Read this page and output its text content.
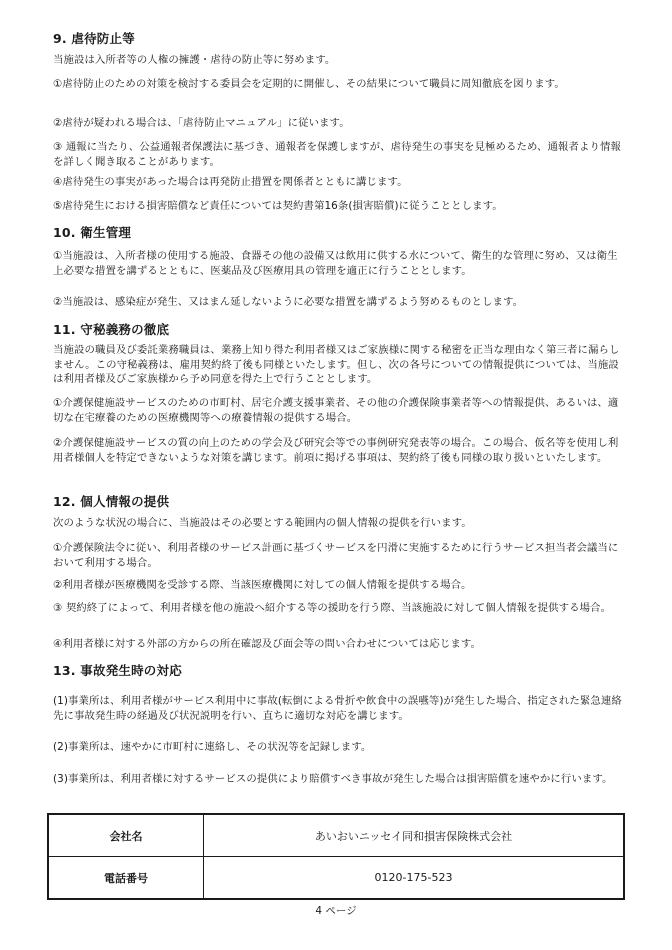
9. 虐待防止等
当施設は入所者等の人権の擁護・虐待の防止等に努めます。
①虐待防止のための対策を検討する委員会を定期的に開催し、その結果について職員に周知徹底を図ります。
②虐待が疑われる場合は、「虐待防止マニュアル」に従います。
③ 通報に当たり、公益通報者保護法に基づき、通報者を保護しますが、虐待発生の事実を見極めるため、通報者より情報を詳しく聞き取ることがあります。
④虐待発生の事実があった場合は再発防止措置を関係者とともに講じます。
⑤虐待発生における損害賠償など責任については契約書第16条(損害賠償)に従うこととします。
10. 衛生管理
①当施設は、入所者様の使用する施設、食器その他の設備又は飲用に供する水について、衛生的な管理に努め、又は衛生上必要な措置を講ずるとともに、医薬品及び医療用具の管理を適正に行うこととします。
②当施設は、感染症が発生、又はまん延しないように必要な措置を講ずるよう努めるものとします。
11. 守秘義務の徹底
当施設の職員及び委託業務職員は、業務上知り得た利用者様又はご家族様に関する秘密を正当な理由なく第三者に漏らしません。この守秘義務は、雇用契約終了後も同様といたします。但し、次の各号についての情報提供については、当施設は利用者様及びご家族様から予め同意を得た上で行うこととします。
①介護保健施設サービスのための市町村、居宅介護支援事業者、その他の介護保険事業者等への情報提供、あるいは、適切な在宅療養のための医療機関等への療養情報の提供する場合。
②介護保健施設サービスの質の向上のための学会及び研究会等での事例研究発表等の場合。この場合、仮名等を使用し利用者様個人を特定できないような対策を講じます。前項に掲げる事項は、契約終了後も同様の取り扱いといたします。
12. 個人情報の提供
次のような状況の場合に、当施設はその必要とする範囲内の個人情報の提供を行います。
①介護保険法令に従い、利用者様のサービス計画に基づくサービスを円滑に実施するために行うサービス担当者会議当において利用する場合。
②利用者様が医療機関を受診する際、当該医療機関に対しての個人情報を提供する場合。
③ 契約終了によって、利用者様を他の施設へ紹介する等の援助を行う際、当該施設に対して個人情報を提供する場合。
④利用者様に対する外部の方からの所在確認及び面会等の問い合わせについては応じます。
13. 事故発生時の対応
(1)事業所は、利用者様がサービス利用中に事故(転倒による骨折や飲食中の誤嚥等)が発生した場合、指定された緊急連絡先に事故発生時の経過及び状況説明を行い、直ちに適切な対応を講じます。
(2)事業所は、速やかに市町村に連絡し、その状況等を記録します。
(3)事業所は、利用者様に対するサービスの提供により賠償すべき事故が発生した場合は損害賠償を速やかに行います。
会社名	あいおいニッセイ同和損害保険株式会社
電話番号	0120-175-523
4 ページ
